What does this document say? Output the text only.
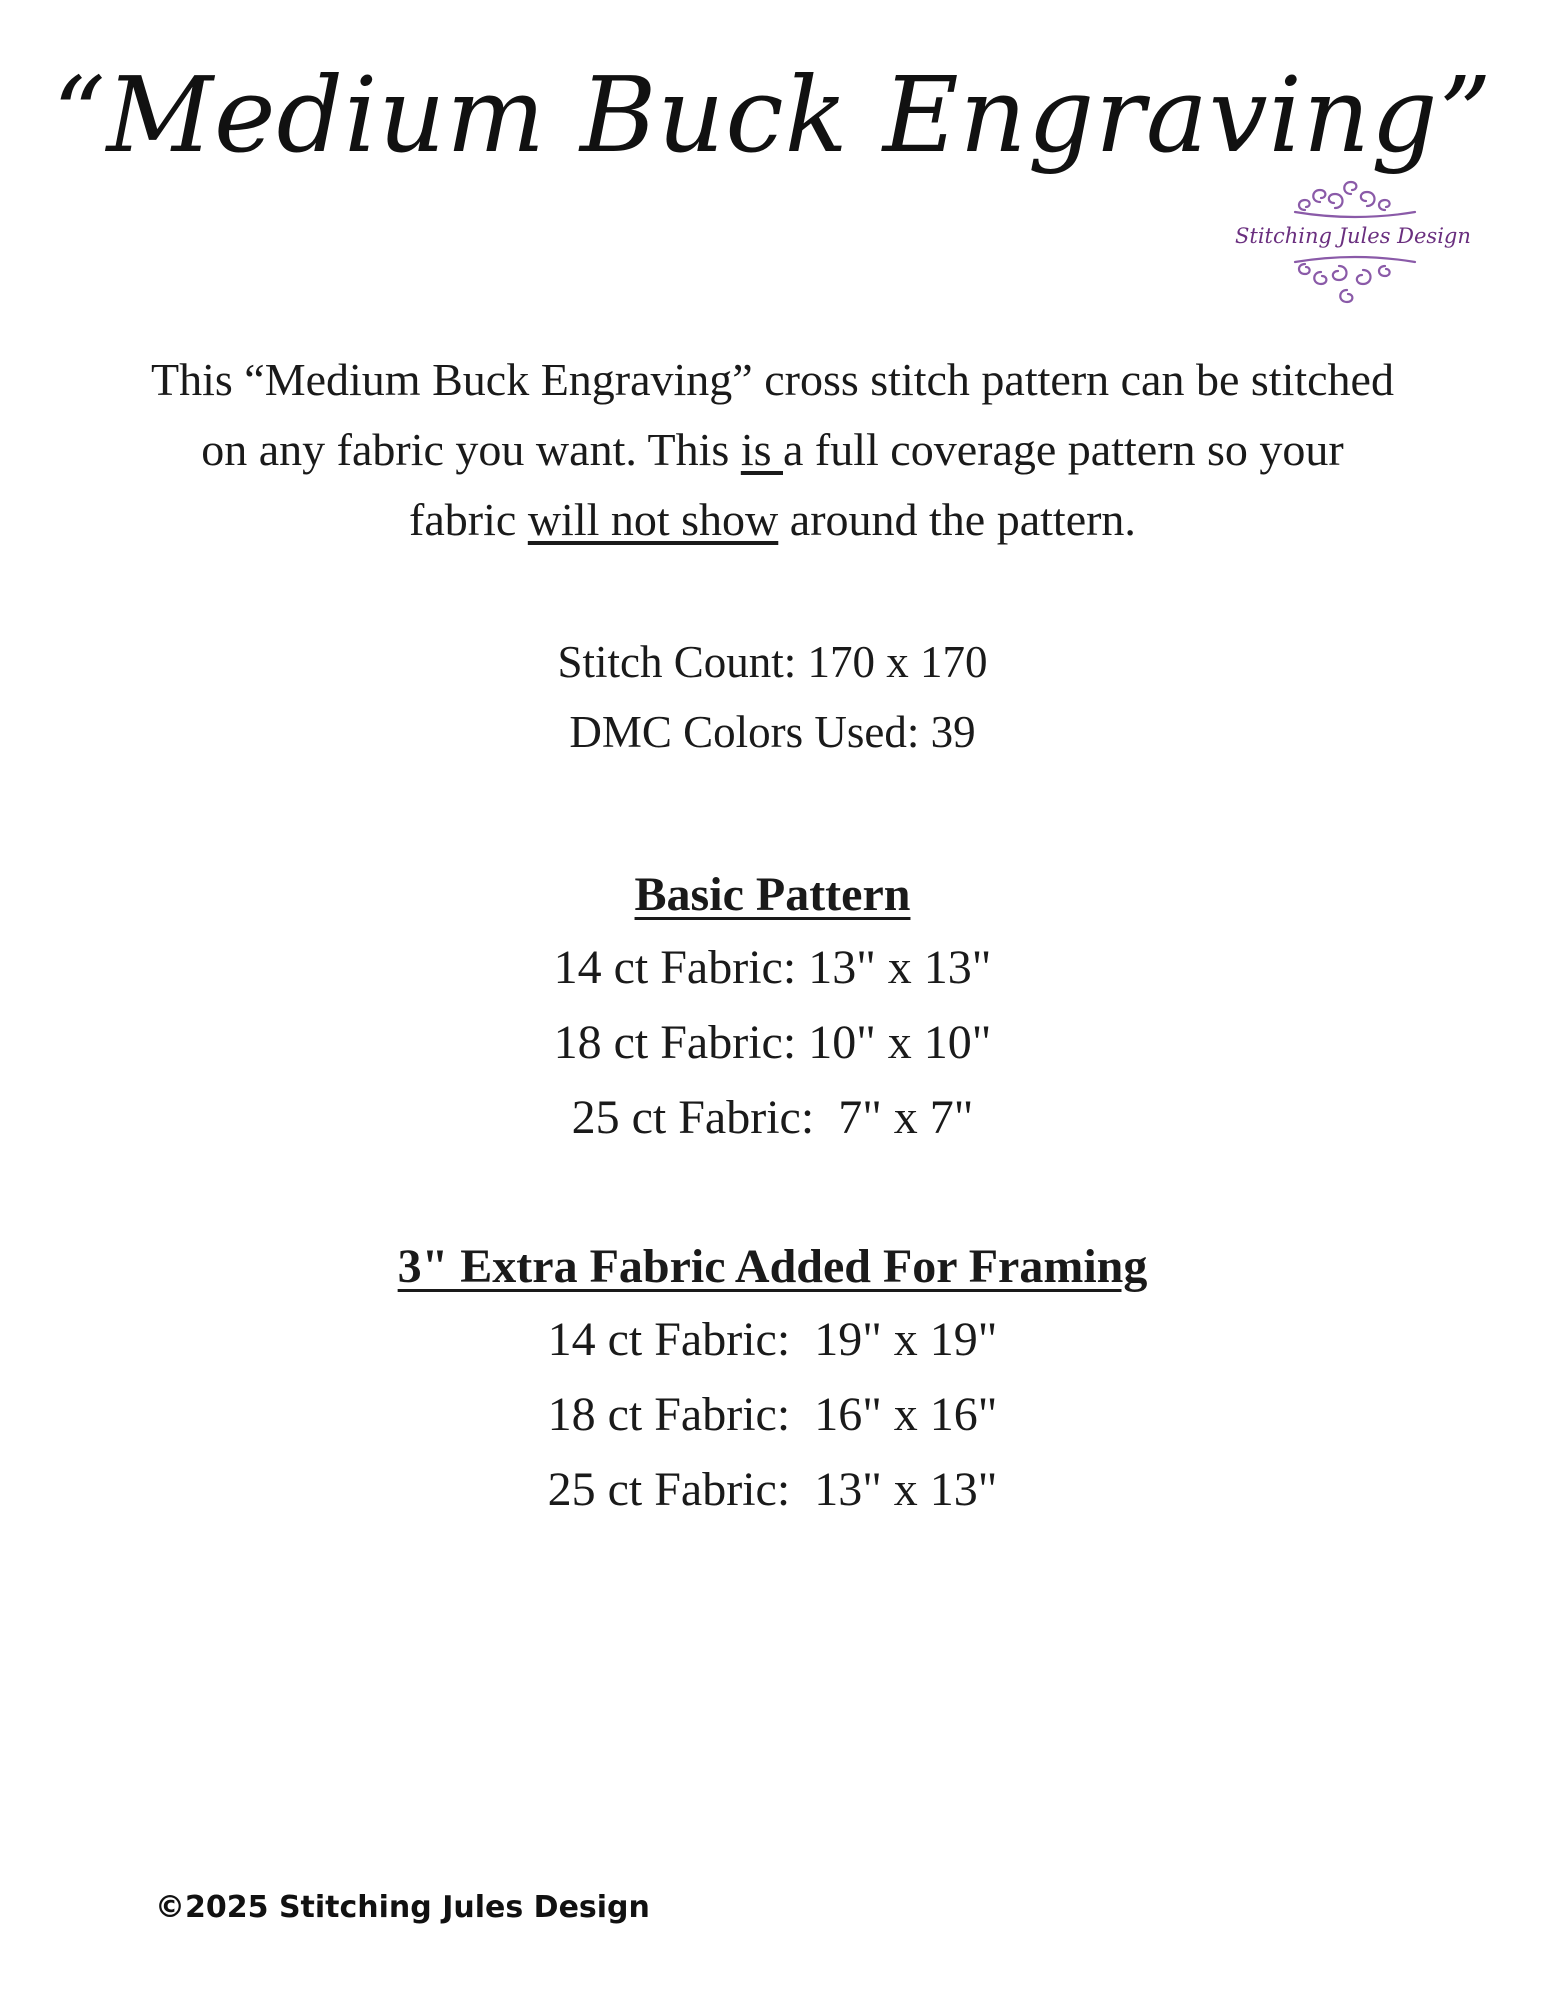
“Medium Buck Engraving”
Stitching Jules Design

This “Medium Buck Engraving” cross stitch pattern can be stitched on any fabric you want. This is a full coverage pattern so your fabric will not show around the pattern.

Stitch Count: 170 x 170
DMC Colors Used: 39
Basic Pattern
14 ct Fabric: 13" x 13"
18 ct Fabric: 10" x 10"
25 ct Fabric:  7" x 7"
3" Extra Fabric Added For Framing
14 ct Fabric:  19" x 19"
18 ct Fabric:  16" x 16"
25 ct Fabric:  13" x 13"
©2025 Stitching Jules Design
